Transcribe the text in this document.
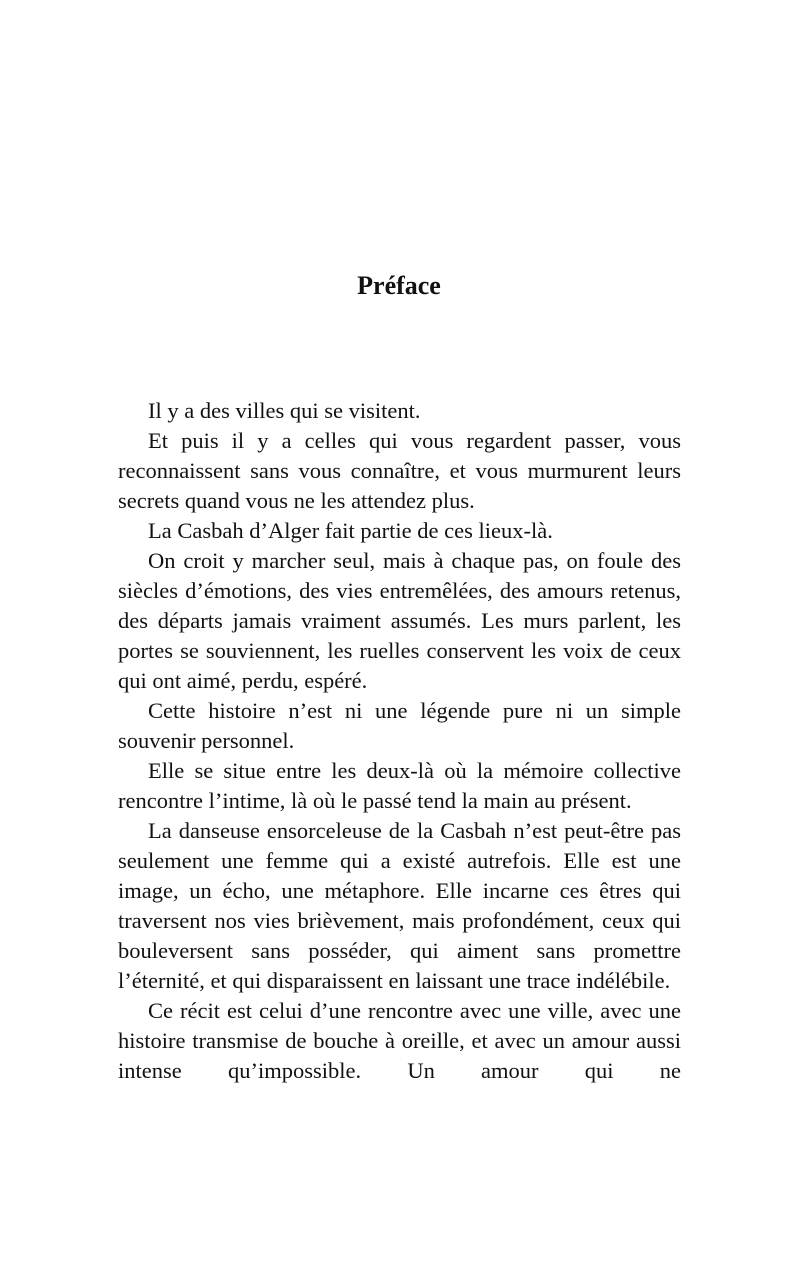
Préface

Il y a des villes qui se visitent.

Et puis il y a celles qui vous regardent passer, vous reconnaissent sans vous connaître, et vous murmurent leurs secrets quand vous ne les attendez plus.

La Casbah d’Alger fait partie de ces lieux-là.

On croit y marcher seul, mais à chaque pas, on foule des siècles d’émotions, des vies entremêlées, des amours retenus, des départs jamais vraiment assumés. Les murs parlent, les portes se souviennent, les ruelles conservent les voix de ceux qui ont aimé, perdu, espéré.

Cette histoire n’est ni une légende pure ni un simple souvenir personnel.

Elle se situe entre les deux-là où la mémoire collective rencontre l’intime, là où le passé tend la main au présent.

La danseuse ensorceleuse de la Casbah n’est peut-être pas seulement une femme qui a existé autrefois. Elle est une image, un écho, une métaphore. Elle incarne ces êtres qui traversent nos vies brièvement, mais profondément, ceux qui bouleversent sans posséder, qui aiment sans promettre l’éternité, et qui disparaissent en laissant une trace indélébile.

Ce récit est celui d’une rencontre avec une ville, avec une histoire transmise de bouche à oreille, et avec un amour aussi intense qu’impossible. Un amour qui ne
